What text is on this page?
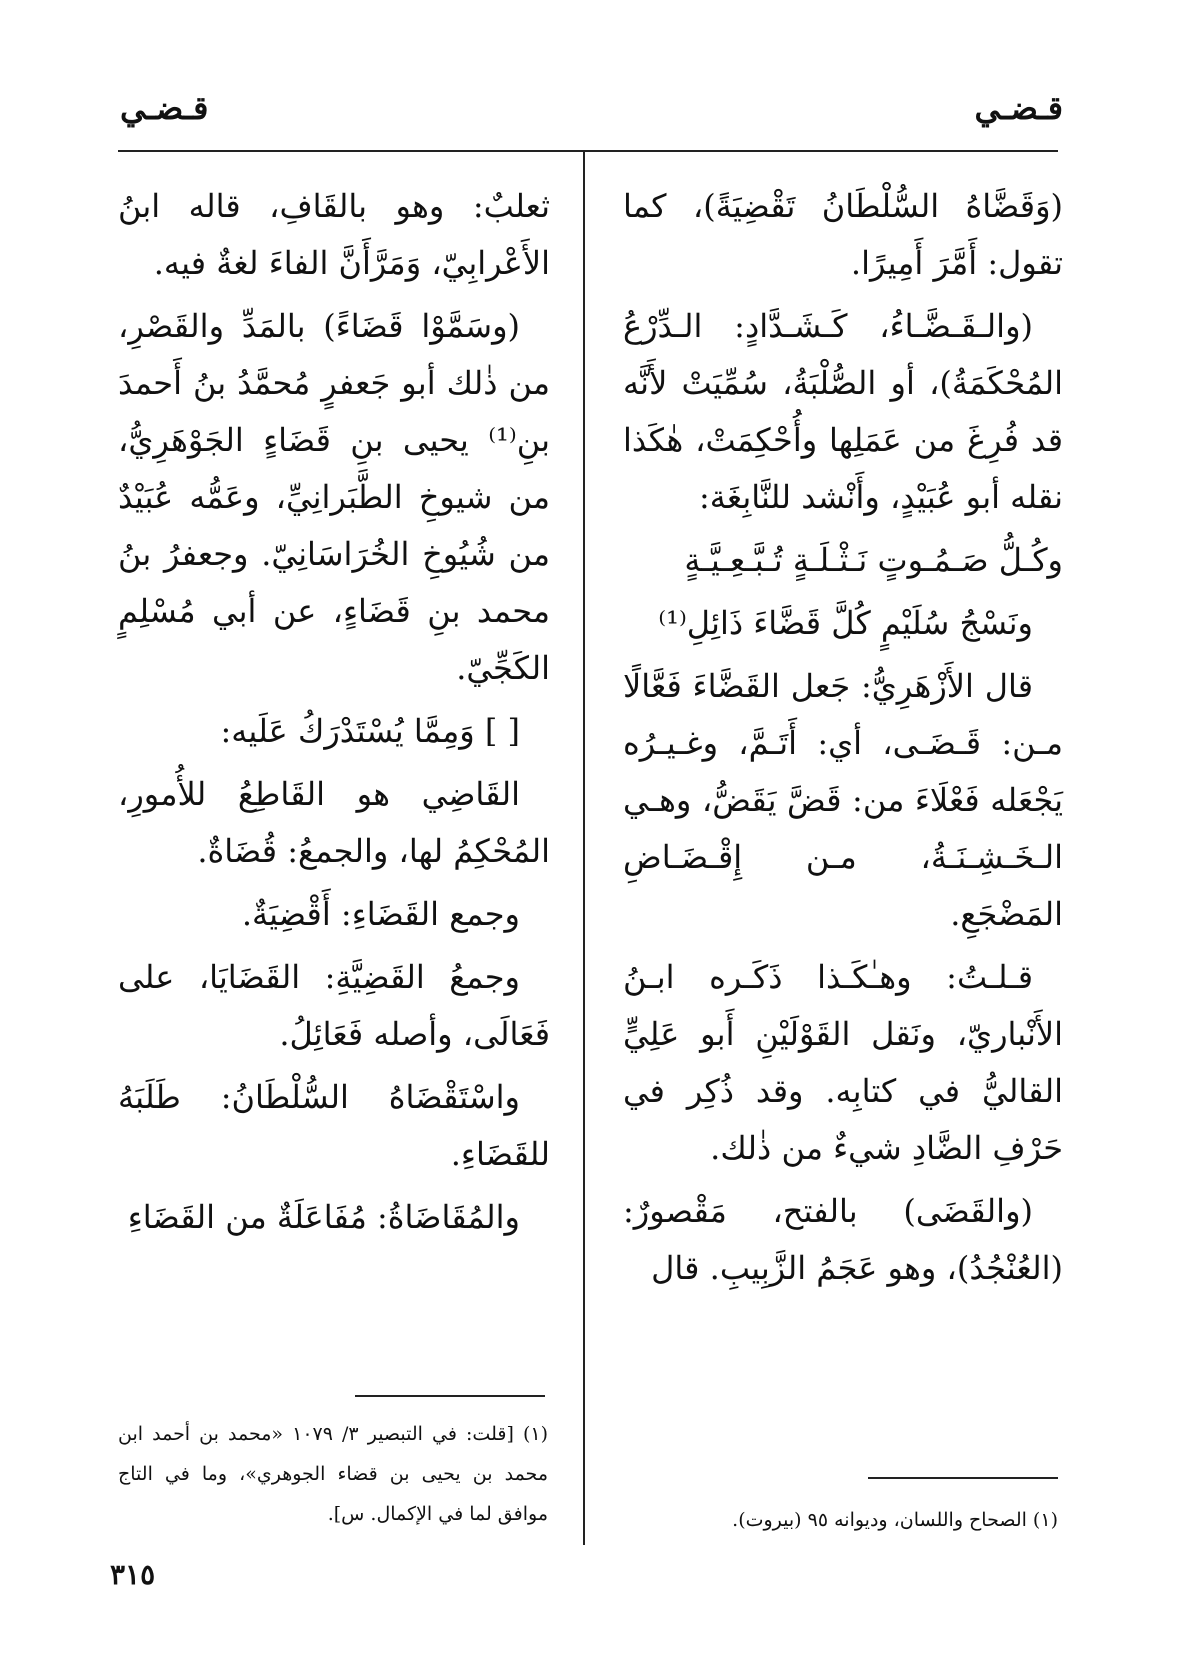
قـضـي
قـضـي

(وَقَضَّاهُ السُّلْطَانُ تَقْضِيَةً)، كما تقول: أَمَّرَ أَمِيرًا.

(والـقَـضَّـاءُ، كَـشَـدَّادٍ: الـدِّرْعُ المُحْكَمَةُ)، أو الصُّلْبَةُ، سُمِّيَتْ لأَنَّه قد فُرِغَ من عَمَلِها وأُحْكِمَتْ، هٰكَذا نقله أبو عُبَيْدٍ، وأَنْشد للنَّابِغَة:

وكُـلُّ صَـمُـوتٍ نَـثْـلَـةٍ تُـبَّـعِـيَّـةٍ

ونَسْجُ سُلَيْمٍ كُلَّ قَضَّاءَ ذَائِلِ⁽¹⁾

قال الأَزْهَرِيُّ: جَعل القَضَّاءَ فَعَّالًا مـن: قَـضَـى، أي: أَتَـمَّ، وغـيـرُه يَجْعَله فَعْلَاءَ من: قَضَّ يَقَضُّ، وهـي الـخَـشِـنَـةُ، مـن إِقْـضَـاضِ المَضْجَعِ.

قـلـتُ: وهـٰكَـذا ذَكَـره ابـنُ الأَنْباريّ، ونَقل القَوْلَيْنِ أَبو عَلِيٍّ القاليُّ في كتابِه. وقد ذُكِر في حَرْفِ الضَّادِ شيءٌ من ذٰلك.

(والقَضَى) بالفتح، مَقْصورٌ: (العُنْجُدُ)، وهو عَجَمُ الزَّبِيبِ. قال

ثعلبٌ: وهو بالقَافِ، قاله ابنُ الأَعْرابِيّ، وَمَرَّأَنَّ الفاءَ لغةٌ فيه.

(وسَمَّوْا قَضَاءً) بالمَدِّ والقَصْرِ، من ذٰلك أبو جَعفرٍ مُحمَّدُ بنُ أَحمدَ بنِ⁽¹⁾ يحيى بنِ قَضَاءٍ الجَوْهَرِيُّ، من شيوخِ الطَّبَرانِيِّ، وعَمُّه عُبَيْدٌ من شُيُوخِ الخُرَاسَانِيّ. وجعفرُ بنُ محمد بنِ قَضَاءٍ، عن أبي مُسْلِمٍ الكَجِّيّ.

[ ] وَمِمَّا يُسْتَدْرَكُ عَلَيه:

القَاضِي هو القَاطِعُ للأُمورِ، المُحْكِمُ لها، والجمعُ: قُضَاةٌ.

وجمع القَضَاءِ: أَقْضِيَةٌ.

وجمعُ القَضِيَّةِ: القَضَايَا، على فَعَالَى، وأصله فَعَائِلُ.

واسْتَقْضَاهُ السُّلْطَانُ: طَلَبَهُ للقَضَاءِ.

والمُقَاضَاةُ: مُفَاعَلَةٌ من القَضَاءِ

(١) الصحاح واللسان، وديوانه ٩٥ (بيروت).
(١) [قلت: في التبصير ٣/ ١٠٧٩ «محمد بن أحمد ابن محمد بن يحيى بن قضاء الجوهري»، وما في التاج موافق لما في الإكمال. س].
٣١٥
